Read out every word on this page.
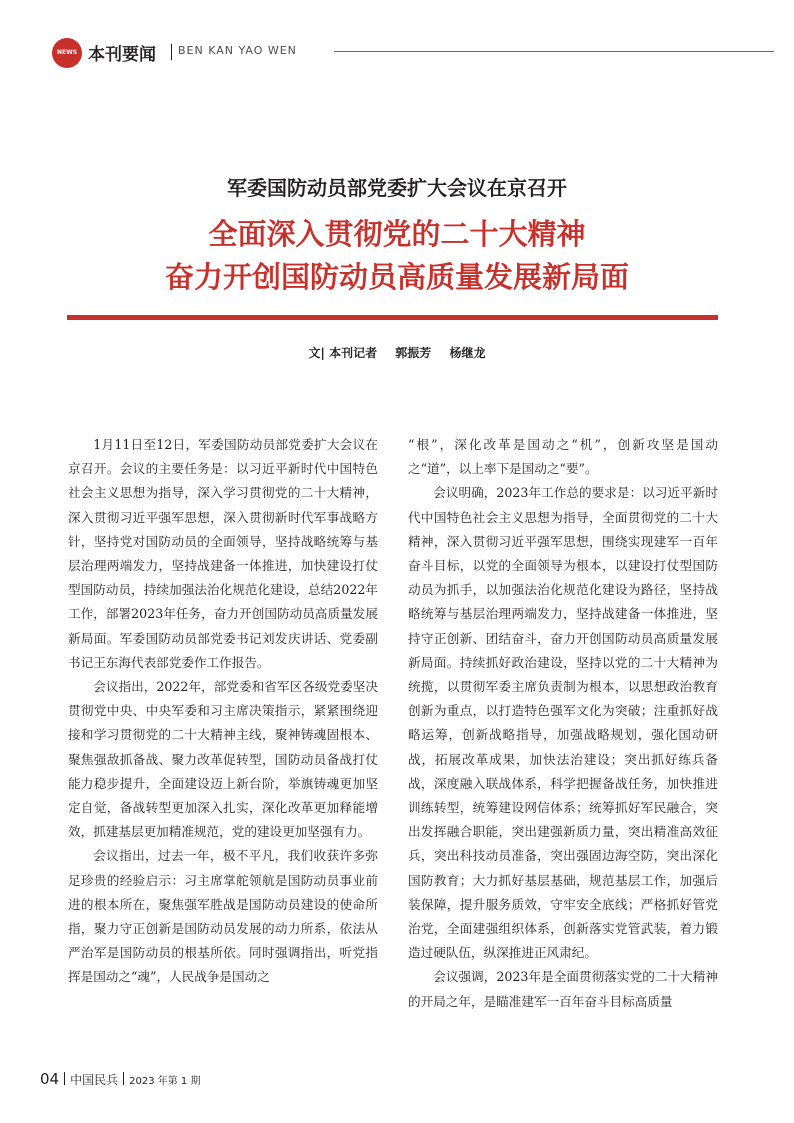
NEWS 本刊要闻 BEN KAN YAO WEN
军委国防动员部党委扩大会议在京召开
全面深入贯彻党的二十大精神
奋力开创国防动员高质量发展新局面
文| 本刊记者 郭振芳 杨继龙

1月11日至12日，军委国防动员部党委扩大会议在京召开。会议的主要任务是：以习近平新时代中国特色社会主义思想为指导，深入学习贯彻党的二十大精神，深入贯彻习近平强军思想，深入贯彻新时代军事战略方针，坚持党对国防动员的全面领导，坚持战略统筹与基层治理两端发力，坚持战建备一体推进，加快建设打仗型国防动员，持续加强法治化规范化建设，总结2022年工作，部署2023年任务，奋力开创国防动员高质量发展新局面。军委国防动员部党委书记刘发庆讲话、党委副书记王东海代表部党委作工作报告。

会议指出，2022年，部党委和省军区各级党委坚决贯彻党中央、中央军委和习主席决策指示，紧紧围绕迎接和学习贯彻党的二十大精神主线，聚神铸魂固根本、聚焦强敌抓备战、聚力改革促转型，国防动员备战打仗能力稳步提升，全面建设迈上新台阶，举旗铸魂更加坚定自觉，备战转型更加深入扎实，深化改革更加释能增效，抓建基层更加精准规范，党的建设更加坚强有力。

会议指出，过去一年，极不平凡，我们收获许多弥足珍贵的经验启示：习主席掌舵领航是国防动员事业前进的根本所在，聚焦强军胜战是国防动员建设的使命所指，聚力守正创新是国防动员发展的动力所系，依法从严治军是国防动员的根基所依。同时强调指出，听党指挥是国动之“魂”，人民战争是国动之

“根”，深化改革是国动之“机”，创新攻坚是国动之“道”，以上率下是国动之“要”。

会议明确，2023年工作总的要求是：以习近平新时代中国特色社会主义思想为指导，全面贯彻党的二十大精神，深入贯彻习近平强军思想，围绕实现建军一百年奋斗目标，以党的全面领导为根本，以建设打仗型国防动员为抓手，以加强法治化规范化建设为路径，坚持战略统筹与基层治理两端发力，坚持战建备一体推进，坚持守正创新、团结奋斗，奋力开创国防动员高质量发展新局面。持续抓好政治建设，坚持以党的二十大精神为统揽，以贯彻军委主席负责制为根本，以思想政治教育创新为重点，以打造特色强军文化为突破；注重抓好战略运筹，创新战略指导，加强战略规划，强化国动研战，拓展改革成果，加快法治建设；突出抓好练兵备战，深度融入联战体系，科学把握备战任务，加快推进训练转型，统筹建设网信体系；统筹抓好军民融合，突出发挥融合职能，突出建强新质力量，突出精准高效征兵，突出科技动员准备，突出强固边海空防，突出深化国防教育；大力抓好基层基础，规范基层工作，加强后装保障，提升服务质效，守牢安全底线；严格抓好管党治党，全面建强组织体系，创新落实党管武装，着力锻造过硬队伍，纵深推进正风肃纪。

会议强调，2023年是全面贯彻落实党的二十大精神的开局之年，是瞄准建军一百年奋斗目标高质量

04 中国民兵 2023 年第 1 期
